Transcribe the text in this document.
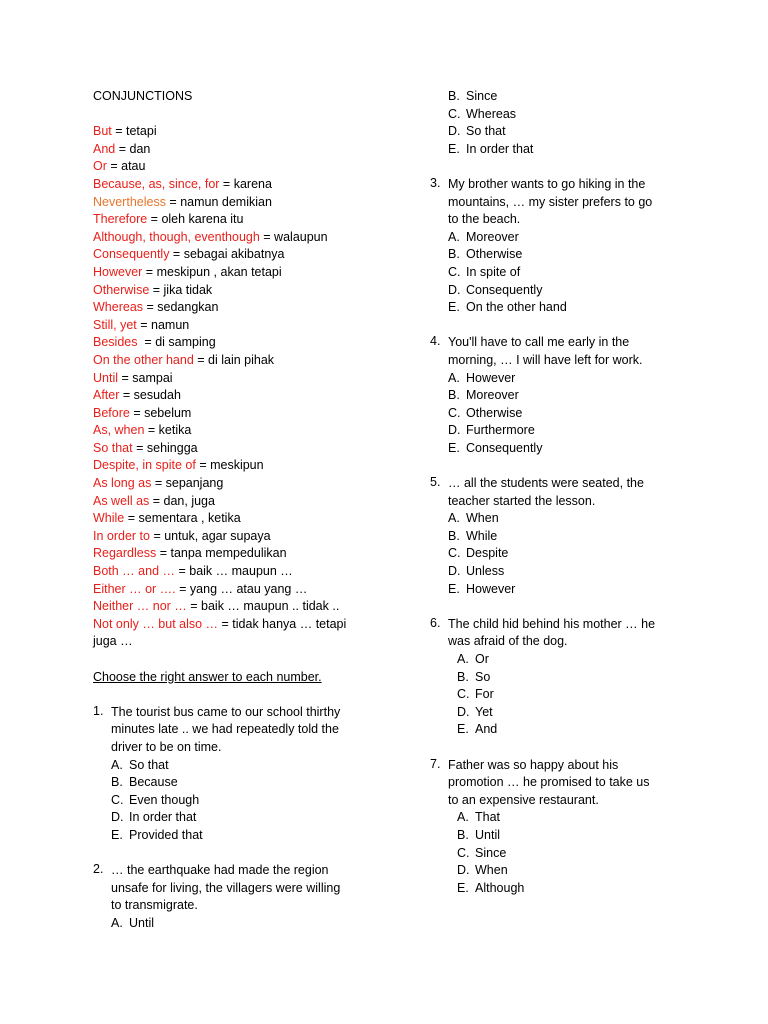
CONJUNCTIONS
But = tetapi
And = dan
Or = atau
Because, as, since, for = karena
Nevertheless = namun demikian
Therefore = oleh karena itu
Although, though, eventhough = walaupun
Consequently = sebagai akibatnya
However = meskipun , akan tetapi
Otherwise = jika tidak
Whereas = sedangkan
Still, yet = namun
Besides  = di samping
On the other hand = di lain pihak
Until = sampai
After = sesudah
Before = sebelum
As, when = ketika
So that = sehingga
Despite, in spite of = meskipun
As long as = sepanjang
As well as = dan, juga
While = sementara , ketika
In order to = untuk, agar supaya
Regardless = tanpa mempedulikan
Both … and … = baik … maupun …
Either … or …. = yang … atau yang …
Neither … nor … = baik … maupun .. tidak ..
Not only … but also … = tidak hanya … tetapi
juga …
Choose the right answer to each number.
1. The tourist bus came to our school thirthy
minutes late .. we had repeatedly told the
driver to be on time.
A. So that
B. Because
C. Even though
D. In order that
E. Provided that
2. … the earthquake had made the region
unsafe for living, the villagers were willing
to transmigrate.
A. Until
B. Since
C. Whereas
D. So that
E. In order that
3. My brother wants to go hiking in the
mountains, … my sister prefers to go
to the beach.
A. Moreover
B. Otherwise
C. In spite of
D. Consequently
E. On the other hand
4. You'll have to call me early in the
morning, … I will have left for work.
A. However
B. Moreover
C. Otherwise
D. Furthermore
E. Consequently
5. … all the students were seated, the
teacher started the lesson.
A. When
B. While
C. Despite
D. Unless
E. However
6. The child hid behind his mother … he
was afraid of the dog.
A. Or
B. So
C. For
D. Yet
E. And
7. Father was so happy about his
promotion … he promised to take us
to an expensive restaurant.
A. That
B. Until
C. Since
D. When
E. Although
